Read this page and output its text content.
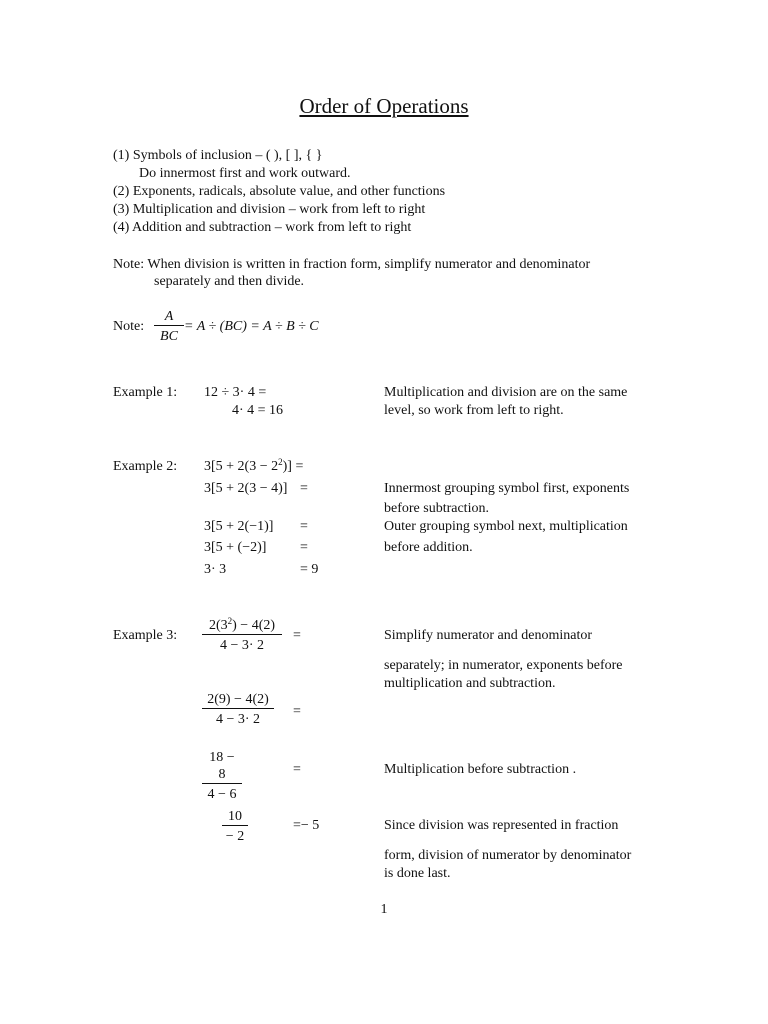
Order of Operations
(1) Symbols of inclusion – ( ), [ ], { }
Do innermost first and work outward.
(2) Exponents, radicals, absolute value, and other functions
(3) Multiplication and division – work from left to right
(4) Addition and subtraction – work from left to right
Note: When division is written in fraction form, simplify numerator and denominator
separately and then divide.
Note:
A
BC
= A ÷ (BC) = A ÷ B ÷ C
Example 1: 12 ÷ 3· 4 =
4· 4 = 16
Multiplication and division are on the same
level, so work from left to right.
Example 2: $3[5 + 2(3 - 2^2)]$ =
3[5 + 2(3 − 4)] =
3[5 + 2(−1)] =
3[5 + (−2)] =
3· 3	= 9
Innermost grouping symbol first, exponents
before subtraction.
Outer grouping symbol next, multiplication
before addition.
Example 3:
$2(3^2) - 4(2)$
4 − 3· 2
=
2(9) − 4(2)
4 − 3· 2
=
18 − 8
4 − 6
=
10
− 2
=− 5
Simplify numerator and denominator
separately; in numerator, exponents before
multiplication and subtraction.
Multiplication before subtraction .
Since division was represented in fraction
form, division of numerator by denominator
is done last.
1
